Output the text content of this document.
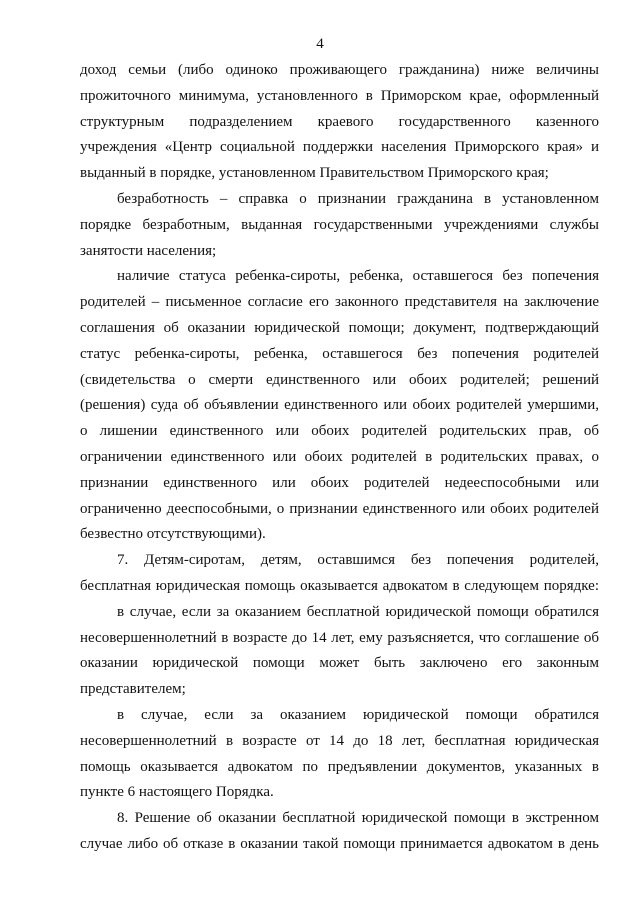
4

доход семьи (либо одиноко проживающего гражданина) ниже величины
прожиточного минимума, установленного в Приморском крае, оформленный
структурным подразделением краевого государственного казенного
учреждения «Центр социальной поддержки населения Приморского края» и
выданный в порядке, установленном Правительством Приморского края;

безработность – справка о признании гражданина в установленном
порядке безработным, выданная государственными учреждениями службы
занятости населения;

наличие статуса ребенка-сироты, ребенка, оставшегося без попечения
родителей – письменное согласие его законного представителя на заключение
соглашения об оказании юридической помощи; документ, подтверждающий
статус ребенка-сироты, ребенка, оставшегося без попечения родителей
(свидетельства о смерти единственного или обоих родителей; решений
(решения) суда об объявлении единственного или обоих родителей умершими,
о лишении единственного или обоих родителей родительских прав, об
ограничении единственного или обоих родителей в родительских правах, о
признании единственного или обоих родителей недееспособными или
ограниченно дееспособными, о признании единственного или обоих родителей
безвестно отсутствующими).

7. Детям-сиротам, детям, оставшимся без попечения родителей,
бесплатная юридическая помощь оказывается адвокатом в следующем порядке:

в случае, если за оказанием бесплатной юридической помощи обратился
несовершеннолетний в возрасте до 14 лет, ему разъясняется, что соглашение об
оказании юридической помощи может быть заключено его законным
представителем;

в случае, если за оказанием юридической помощи обратился
несовершеннолетний в возрасте от 14 до 18 лет, бесплатная юридическая
помощь оказывается адвокатом по предъявлении документов, указанных в
пункте 6 настоящего Порядка.

8. Решение об оказании бесплатной юридической помощи в экстренном
случае либо об отказе в оказании такой помощи принимается адвокатом в день
